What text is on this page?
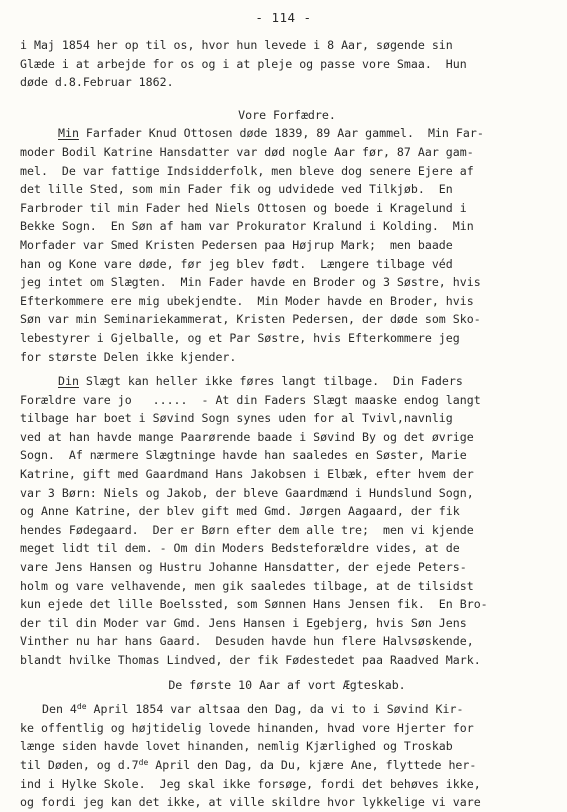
- 114 -
i Maj 1854 her op til os, hvor hun levede i 8 Aar, søgende sin
Glæde i at arbejde for os og i at pleje og passe vore Smaa.  Hun
døde d.8.Februar 1862.
Vore Forfædre.
Min Farfader Knud Ottosen døde 1839, 89 Aar gammel.  Min Far-
moder Bodil Katrine Hansdatter var død nogle Aar før, 87 Aar gam-
mel.  De var fattige Indsidderfolk, men bleve dog senere Ejere af
det lille Sted, som min Fader fik og udvidede ved Tilkjøb.  En
Farbroder til min Fader hed Niels Ottosen og boede i Kragelund i
Bekke Sogn.  En Søn af ham var Prokurator Kralund i Kolding.  Min
Morfader var Smed Kristen Pedersen paa Højrup Mark;  men baade
han og Kone vare døde, før jeg blev født.  Længere tilbage véd
jeg intet om Slægten.  Min Fader havde en Broder og 3 Søstre, hvis
Efterkommere ere mig ubekjendte.  Min Moder havde en Broder, hvis
Søn var min Seminariekammerat, Kristen Pedersen, der døde som Sko-
lebestyrer i Gjelballe, og et Par Søstre, hvis Efterkommere jeg
for største Delen ikke kjender.
Din Slægt kan heller ikke føres langt tilbage.  Din Faders
Forældre vare jo   .....  - At din Faders Slægt maaske endog langt
tilbage har boet i Søvind Sogn synes uden for al Tvivl,navnlig
ved at han havde mange Paarørende baade i Søvind By og det øvrige
Sogn.  Af nærmere Slægtninge havde han saaledes en Søster, Marie
Katrine, gift med Gaardmand Hans Jakobsen i Elbæk, efter hvem der
var 3 Børn: Niels og Jakob, der bleve Gaardmænd i Hundslund Sogn,
og Anne Katrine, der blev gift med Gmd. Jørgen Aagaard, der fik
hendes Fødegaard.  Der er Børn efter dem alle tre;  men vi kjende
meget lidt til dem. - Om din Moders Bedsteforældre vides, at de
vare Jens Hansen og Hustru Johanne Hansdatter, der ejede Peters-
holm og vare velhavende, men gik saaledes tilbage, at de tilsidst
kun ejede det lille Boelssted, som Sønnen Hans Jensen fik.  En Bro-
der til din Moder var Gmd. Jens Hansen i Egebjerg, hvis Søn Jens
Vinther nu har hans Gaard.  Desuden havde hun flere Halvsøskende,
blandt hvilke Thomas Lindved, der fik Fødestedet paa Raadved Mark.
De første 10 Aar af vort Ægteskab.
Den 4de April 1854 var altsaa den Dag, da vi to i Søvind Kir-
ke offentlig og højtidelig lovede hinanden, hvad vore Hjerter for
længe siden havde lovet hinanden, nemlig Kjærlighed og Troskab
til Døden, og d.7de April den Dag, da Du, kjære Ane, flyttede her-
ind i Hylke Skole.  Jeg skal ikke forsøge, fordi det behøves ikke,
og fordi jeg kan det ikke, at ville skildre hvor lykkelige vi vare
